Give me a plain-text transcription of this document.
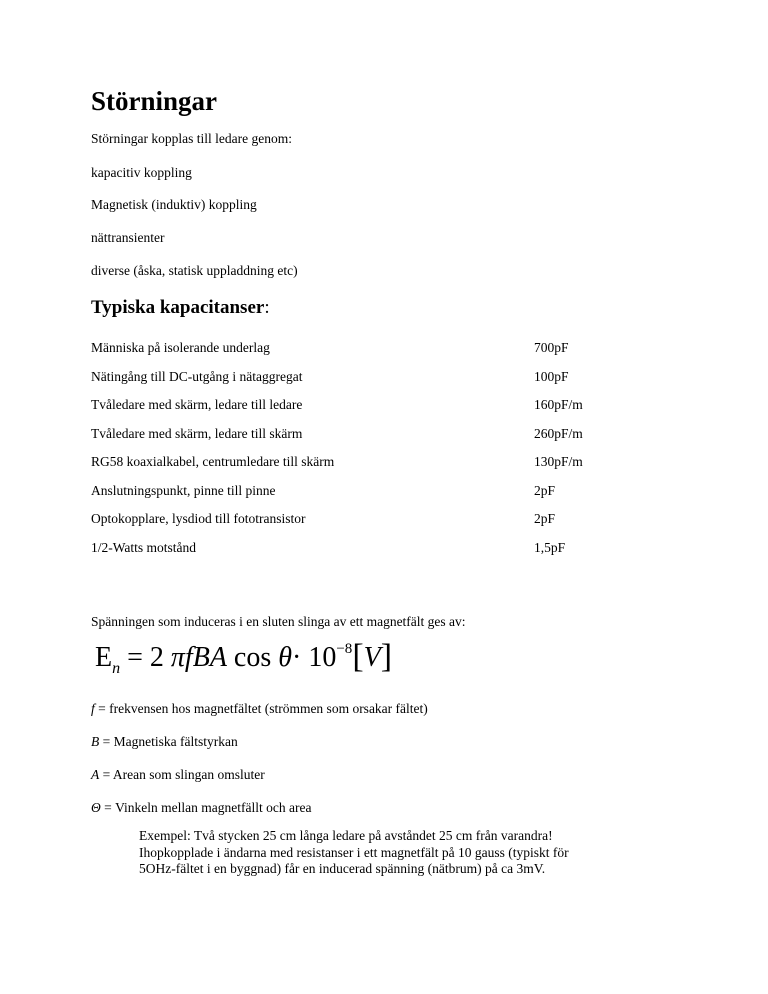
Störningar

Störningar kopplas till ledare genom:

kapacitiv koppling

Magnetisk (induktiv) koppling

nättransienter

diverse (åska, statisk uppladdning etc)

Typiska kapacitanser:
Människa på isolerande underlag	700pF
Nätingång till DC-utgång i nätaggregat	100pF
Tvåledare med skärm, ledare till ledare	160pF/m
Tvåledare med skärm, ledare till skärm	260pF/m
RG58 koaxialkabel, centrumledare till skärm	130pF/m
Anslutningspunkt, pinne till pinne	2pF
Optokopplare, lysdiod till fototransistor	2pF
1/2-Watts motstånd	1,5pF

Spänningen som induceras i en sluten slinga av ett magnetfält ges av:

$E_n = 2$ πfBA $\cos \theta\cdot 10^{-8}[V]$
f = frekvensen hos magnetfältet (strömmen som orsakar fältet)
B = Magnetiska fältstyrkan
A = Arean som slingan omsluter
Θ = Vinkeln mellan magnetfällt och area
Exempel: Två stycken 25 cm långa ledare på avståndet 25 cm från varandra!
Ihopkopplade i ändarna med resistanser i ett magnetfält på 10 gauss (typiskt för
5OHz-fältet i en byggnad) får en inducerad spänning (nätbrum) på ca 3mV.
